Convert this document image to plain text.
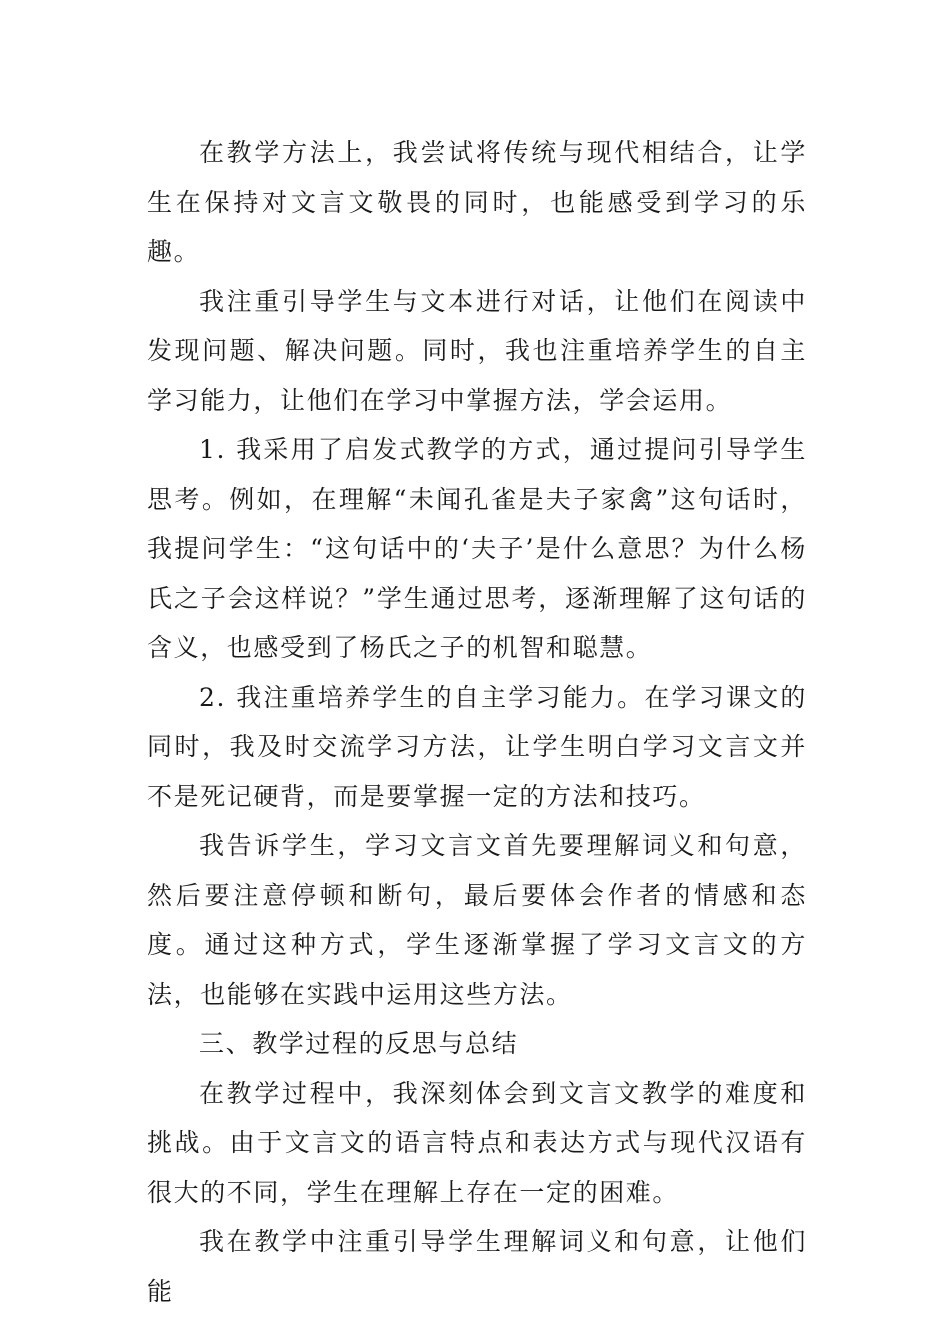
在教学方法上，我尝试将传统与现代相结合，让学生在保持对文言文敬畏的同时，也能感受到学习的乐趣。

我注重引导学生与文本进行对话，让他们在阅读中发现问题、解决问题。同时，我也注重培养学生的自主学习能力，让他们在学习中掌握方法，学会运用。

1. 我采用了启发式教学的方式，通过提问引导学生思考。例如，在理解“未闻孔雀是夫子家禽”这句话时，我提问学生：“这句话中的‘夫子’是什么意思？为什么杨氏之子会这样说？”学生通过思考，逐渐理解了这句话的含义，也感受到了杨氏之子的机智和聪慧。

2. 我注重培养学生的自主学习能力。在学习课文的同时，我及时交流学习方法，让学生明白学习文言文并不是死记硬背，而是要掌握一定的方法和技巧。

我告诉学生，学习文言文首先要理解词义和句意，然后要注意停顿和断句，最后要体会作者的情感和态度。通过这种方式，学生逐渐掌握了学习文言文的方法，也能够在实践中运用这些方法。

三、教学过程的反思与总结

在教学过程中，我深刻体会到文言文教学的难度和挑战。由于文言文的语言特点和表达方式与现代汉语有很大的不同，学生在理解上存在一定的困难。

我在教学中注重引导学生理解词义和句意，让他们能
